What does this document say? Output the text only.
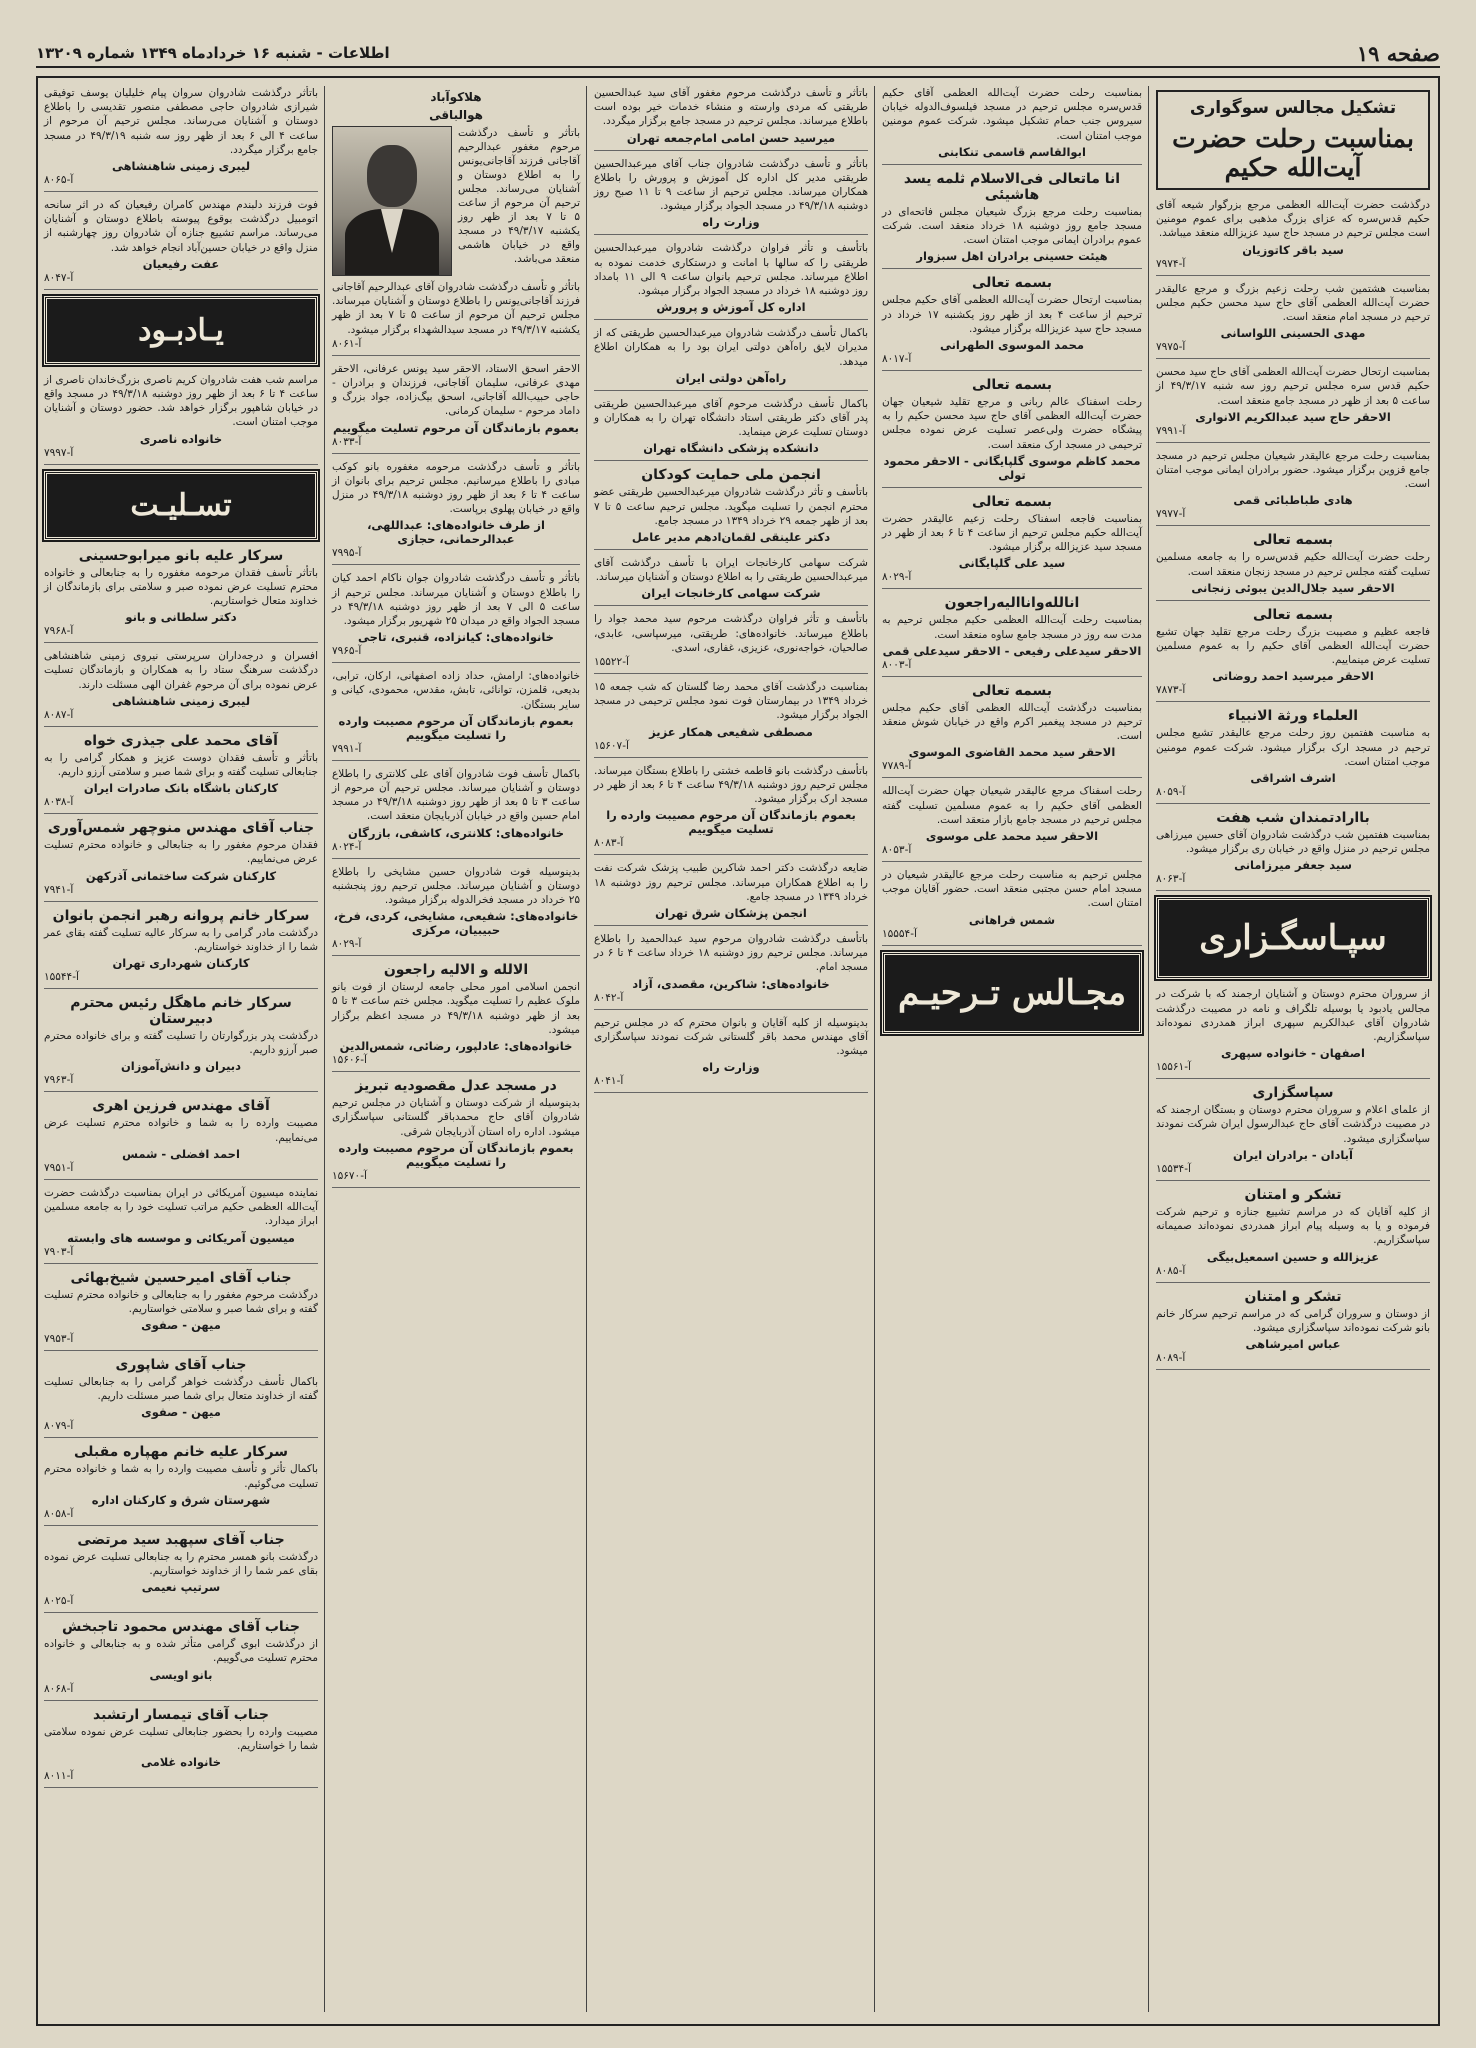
صفحه ۱۹
اطلاعات - شنبه ۱۶ خردادماه ۱۳۴۹ شماره ۱۳۲۰۹
تشکیل مجالس سوگواری
بمناسبت رحلت حضرت آیت‌الله حکیم
درگذشت حضرت آیت‌الله العظمی مرجع بزرگوار شیعه آقای حکیم قدس‌سره که عزای بزرگ مذهبی برای عموم مومنین است مجلس ترحیم در مسجد حاج سید عزیزالله منعقد میباشد.
سید باقر کاتوزیان
آ-۷۹۷۴
بمناسبت هشتمین شب رحلت زعیم بزرگ و مرجع عالیقدر حضرت آیت‌الله العظمی آقای حاج سید محسن حکیم مجلس ترحیم در مسجد امام منعقد است.
مهدی الحسینی اللواسانی
آ-۷۹۷۵
بمناسبت ارتحال حضرت آیت‌الله العظمی آقای حاج سید محسن حکیم قدس سره مجلس ترحیم روز سه شنبه ۴۹/۳/۱۷ از ساعت ۵ بعد از ظهر در مسجد جامع منعقد است.
الاحقر حاج سید عبدالکریم الانواری
آ-۷۹۹۱
بمناسبت رحلت مرجع عالیقدر شیعیان مجلس ترحیم در مسجد جامع قزوین برگزار میشود. حضور برادران ایمانی موجب امتنان است.
هادی طباطبائی قمی
آ-۷۹۷۷
بسمه تعالی
رحلت حضرت آیت‌الله حکیم قدس‌سره را به جامعه مسلمین تسلیت گفته مجلس ترحیم در مسجد زنجان منعقد است.
الاحقر سید جلال‌الدین یبوئی زنجانی
بسمه تعالی
فاجعه عظیم و مصیبت بزرگ رحلت مرجع تقلید جهان تشیع حضرت آیت‌الله العظمی آقای حکیم را به عموم مسلمین تسلیت عرض مینماییم.
الاحقر میرسید احمد روضاتی
آ-۷۸۷۳
العلماء ورثة الانبیاء
به مناسبت هفتمین روز رحلت مرجع عالیقدر تشیع مجلس ترحیم در مسجد ارک برگزار میشود. شرکت عموم مومنین موجب امتنان است.
اشرف اشراقی
آ-۸۰۵۹
باارادتمندان شب هفت
بمناسبت هفتمین شب درگذشت شادروان آقای حسین میرزاهی مجلس ترحیم در منزل واقع در خیابان ری برگزار میشود.
سید جعفر میرزامانی
آ-۸۰۶۳
سپـاسگـزاری
از سروران محترم دوستان و آشنایان ارجمند که با شرکت در مجالس یادبود یا بوسیله تلگراف و نامه در مصیبت درگذشت شادروان آقای عبدالکریم سپهری ابراز همدردی نموده‌اند سپاسگزاریم.
اصفهان - خانواده سپهری
آ-۱۵۵۶۱
سپاسگزاری
از علمای اعلام و سروران محترم دوستان و بستگان ارجمند که در مصیبت درگذشت آقای حاج عبدالرسول ایران شرکت نمودند سپاسگزاری میشود.
آبادان - برادران ایران
آ-۱۵۵۳۴
تشکر و امتنان
از کلیه آقایان که در مراسم تشییع جنازه و ترحیم شرکت فرموده و یا به وسیله پیام ابراز همدردی نموده‌اند صمیمانه سپاسگزاریم.
عزیزالله و حسین اسمعیل‌بیگی
آ-۸۰۸۵
تشکر و امتنان
از دوستان و سروران گرامی که در مراسم ترحیم سرکار خانم بانو شرکت نموده‌اند سپاسگزاری میشود.
عباس امیرشاهی
آ-۸۰۸۹
بمناسبت رحلت حضرت آیت‌الله العظمی آقای حکیم قدس‌سره مجلس ترحیم در مسجد فیلسوف‌الدوله خیابان سیروس جنب حمام تشکیل میشود. شرکت عموم مومنین موجب امتنان است.
ابوالقاسم قاسمی تنکابنی
انا ماتعالی فی‌الاسلام ثلمه یسد هاشیئی
بمناسبت رحلت مرجع بزرگ شیعیان مجلس فاتحه‌ای در مسجد جامع روز دوشنبه ۱۸ خرداد منعقد است. شرکت عموم برادران ایمانی موجب امتنان است.
هیئت حسینی برادران اهل سبزوار
بسمه تعالی
بمناسبت ارتحال حضرت آیت‌الله العظمی آقای حکیم مجلس ترحیم از ساعت ۴ بعد از ظهر روز یکشنبه ۱۷ خرداد در مسجد حاج سید عزیزالله برگزار میشود.
محمد الموسوی الطهرانی
آ-۸۰۱۷
بسمه تعالی
رحلت اسفناک عالم ربانی و مرجع تقلید شیعیان جهان حضرت آیت‌الله العظمی آقای حاج سید محسن حکیم را به پیشگاه حضرت ولی‌عصر تسلیت عرض نموده مجلس ترحیمی در مسجد ارک منعقد است.
محمد کاظم موسوی گلپایگانی - الاحقر محمود تولی
بسمه تعالی
بمناسبت فاجعه اسفناک رحلت زعیم عالیقدر حضرت آیت‌الله حکیم مجلس ترحیم از ساعت ۴ تا ۶ بعد از ظهر در مسجد سید عزیزالله برگزار میشود.
سید علی گلپایگانی
آ-۸۰۲۹
انا‌لله‌و‌انا‌الیه‌راجعون
بمناسبت رحلت آیت‌الله العظمی حکیم مجلس ترحیم به مدت سه روز در مسجد جامع ساوه منعقد است.
الاحقر سیدعلی رفیعی - الاحقر سیدعلی قمی
آ-۸۰۰۳
بسمه تعالی
بمناسبت درگذشت آیت‌الله العظمی آقای حکیم مجلس ترحیم در مسجد پیغمبر اکرم واقع در خیابان شوش منعقد است.
الاحقر سید محمد القاضوی الموسوی
آ-۷۷۸۹
رحلت اسفناک مرجع عالیقدر شیعیان جهان حضرت آیت‌الله العظمی آقای حکیم را به عموم مسلمین تسلیت گفته مجلس ترحیم در مسجد جامع بازار منعقد است.
الاحقر سید محمد علی موسوی
آ-۸۰۵۳
مجلس ترحیم به مناسبت رحلت مرجع عالیقدر شیعیان در مسجد امام حسن مجتبی منعقد است. حضور آقایان موجب امتنان است.
شمس فراهانی
آ-۱۵۵۵۴
مجـالس تـرحیـم
باتأثر و تأسف درگذشت مرحوم مغفور آقای سید عبدالحسین طریقتی که مردی وارسته و منشاء خدمات خیر بوده است باطلاع میرساند. مجلس ترحیم در مسجد جامع برگزار میگردد.
میرسید حسن امامی امام‌جمعه تهران
باتأثر و تأسف درگذشت شادروان جناب آقای میرعبدالحسین طریقتی مدیر کل اداره کل آموزش و پرورش را باطلاع همکاران میرساند. مجلس ترحیم از ساعت ۹ تا ۱۱ صبح روز دوشنبه ۴۹/۳/۱۸ در مسجد الجواد برگزار میشود.
وزارت راه
باتأسف و تأثر فراوان درگذشت شادروان میرعبدالحسین طریقتی را که سالها با امانت و درستکاری خدمت نموده به اطلاع میرساند. مجلس ترحیم بانوان ساعت ۹ الی ۱۱ بامداد روز دوشنبه ۱۸ خرداد در مسجد الجواد برگزار میشود.
اداره کل آموزش و پرورش
باکمال تأسف درگذشت شادروان میرعبدالحسین طریقتی که از مدیران لایق راه‌آهن دولتی ایران بود را به همکاران اطلاع میدهد.
راه‌آهن دولتی ایران
باکمال تأسف درگذشت مرحوم آقای میرعبدالحسین طریقتی پدر آقای دکتر طریقتی استاد دانشگاه تهران را به همکاران و دوستان تسلیت عرض مینماید.
دانشکده پزشکی دانشگاه تهران
انجمن ملی حمایت کودکان
باتأسف و تأثر درگذشت شادروان میرعبدالحسین طریقتی عضو محترم انجمن را تسلیت میگوید. مجلس ترحیم ساعت ۵ تا ۷ بعد از ظهر جمعه ۲۹ خرداد ۱۳۴۹ در مسجد جامع.
دکتر علینقی لقمان‌ادهم مدیر عامل
شرکت سهامی کارخانجات ایران با تأسف درگذشت آقای میرعبدالحسین طریقتی را به اطلاع دوستان و آشنایان میرساند.
شرکت سهامی کارخانجات ایران
باتأسف و تأثر فراوان درگذشت مرحوم سید محمد جواد را باطلاع میرساند. خانواده‌های: طریقتی، میرسپاسی، عابدی، صالحیان، خواجه‌نوری، عزیزی، غفاری، اسدی.
آ-۱۵۵۲۲
بمناسبت درگذشت آقای محمد رضا گلستان که شب جمعه ۱۵ خرداد ۱۳۴۹ در بیمارستان فوت نمود مجلس ترحیمی در مسجد الجواد برگزار میشود.
مصطفی شفیعی همکار عزیز
آ-۱۵۶۰۷
باتأسف درگذشت بانو قاطمه خشتی را باطلاع بستگان میرساند. مجلس ترحیم روز دوشنبه ۴۹/۳/۱۸ ساعت ۴ تا ۶ بعد از ظهر در مسجد ارک برگزار میشود.
بعموم بازماندگان آن مرحوم مصیبت وارده را تسلیت میگوییم
آ-۸۰۸۳
ضایعه درگذشت دکتر احمد شاکرین طبیب پزشک شرکت نفت را به اطلاع همکاران میرساند. مجلس ترحیم روز دوشنبه ۱۸ خرداد ۱۳۴۹ در مسجد جامع.
انجمن پزشکان شرق تهران
باتأسف درگذشت شادروان مرحوم سید عبدالحمید را باطلاع میرساند. مجلس ترحیم روز دوشنبه ۱۸ خرداد ساعت ۴ تا ۶ در مسجد امام.
خانواده‌های: شاکرین، مقصدی، آزاد
آ-۸۰۴۲
بدینوسیله از کلیه آقایان و بانوان محترم که در مجلس ترحیم آقای مهندس محمد باقر گلستانی شرکت نمودند سپاسگزاری میشود.
وزارت راه
آ-۸۰۴۱
هلاکوآباد
هوالباقی
باتأثر و تأسف درگذشت مرحوم مغفور عبدالرحیم آقاجانی فرزند آقاجانی‌یونس را به اطلاع دوستان و آشنایان می‌رساند. مجلس ترحیم آن مرحوم از ساعت ۵ تا ۷ بعد از ظهر روز یکشنبه ۴۹/۳/۱۷ در مسجد واقع در خیابان هاشمی منعقد می‌باشد.
باتأثر و تأسف درگذشت شادروان آقای عبدالرحیم آقاجانی فرزند آقاجانی‌یونس را باطلاع دوستان و آشنایان میرساند. مجلس ترحیم آن مرحوم از ساعت ۵ تا ۷ بعد از ظهر یکشنبه ۴۹/۳/۱۷ در مسجد سیدالشهداء برگزار میشود.
آ-۸۰۶۱
الاحقر اسحق الاستاد، الاحقر سید یونس عرفانی، الاحقر مهدی عرفانی، سلیمان آقاجانی، فرزندان و برادران - حاجی حبیب‌الله آقاجانی، اسحق بیگ‌زاده، جواد بزرگ و داماد مرحوم - سلیمان کرمانی.
بعموم بازماندگان آن مرحوم تسلیت میگوییم
آ-۸۰۳۳
باتأثر و تأسف درگذشت مرحومه مغفوره بانو کوکب مبادی را باطلاع میرسانیم. مجلس ترحیم برای بانوان از ساعت ۴ تا ۶ بعد از ظهر روز دوشنبه ۴۹/۳/۱۸ در منزل واقع در خیابان پهلوی برپاست.
از طرف خانواده‌های: عبداللهی، عبدالرحمانی، حجازی
آ-۷۹۹۵
باتأثر و تأسف درگذشت شادروان جوان ناکام احمد کیان را باطلاع دوستان و آشنایان میرساند. مجلس ترحیم از ساعت ۵ الی ۷ بعد از ظهر روز دوشنبه ۴۹/۳/۱۸ در مسجد الجواد واقع در میدان ۲۵ شهریور برگزار میشود.
خانواده‌های: کیانزاده، قنبری، تاجی
آ-۷۹۶۵
خانواده‌های: ارامش، حداد زاده اصفهانی، ارکان، ترابی، بدیعی، قلمزن، توانائی، تابش، مقدس، محمودی، کیانی و سایر بستگان.
بعموم بازماندگان آن مرحوم مصیبت وارده را تسلیت میگوییم
آ-۷۹۹۱
باکمال تأسف فوت شادروان آقای علی کلانتری را باطلاع دوستان و آشنایان میرساند. مجلس ترحیم آن مرحوم از ساعت ۳ تا ۵ بعد از ظهر روز دوشنبه ۴۹/۳/۱۸ در مسجد امام حسین واقع در خیابان آذربایجان منعقد است.
خانواده‌های: کلانتری، کاشفی، بازرگان
آ-۸۰۲۴
بدینوسیله فوت شادروان حسین مشایخی را باطلاع دوستان و آشنایان میرساند. مجلس ترحیم روز پنجشنبه ۲۵ خرداد در مسجد فخرالدوله برگزار میشود.
خانواده‌های: شفیعی، مشایخی، کردی، فرخ، حبیبیان، مرکزی
آ-۸۰۲۹
الالله و الالیه راجعون
انجمن اسلامی امور محلی جامعه لرستان از فوت بانو ملوک عظیم را تسلیت میگوید. مجلس ختم ساعت ۳ تا ۵ بعد از ظهر دوشنبه ۴۹/۳/۱۸ در مسجد اعظم برگزار میشود.
خانواده‌های: عادلپور، رضائی، شمس‌الدین
آ-۱۵۶۰۶
در مسجد عدل مقصودیه تبریز
بدینوسیله از شرکت دوستان و آشنایان در مجلس ترحیم شادروان آقای حاج محمدباقر گلستانی سپاسگزاری میشود. اداره راه استان آذربایجان شرقی.
بعموم بازماندگان آن مرحوم مصیبت وارده را تسلیت میگوییم
آ-۱۵۶۷۰
باتأثر درگذشت شادروان سروان پیام خلیلیان یوسف توفیقی شیرازی شادروان حاجی مصطفی منصور تقدیسی را باطلاع دوستان و آشنایان می‌رساند. مجلس ترحیم آن مرحوم از ساعت ۴ الی ۶ بعد از ظهر روز سه شنبه ۴۹/۳/۱۹ در مسجد جامع برگزار میگردد.
لیبری زمینی شاهنشاهی
آ-۸۰۶۵
فوت فرزند دلبندم مهندس کامران رفیعیان که در اثر سانحه اتومبیل درگذشت بوقوع پیوسته باطلاع دوستان و آشنایان می‌رساند. مراسم تشییع جنازه آن شادروان روز چهارشنبه از منزل واقع در خیابان حسین‌آباد انجام خواهد شد.
عفت رفیعیان
آ-۸۰۴۷
یـادبـود
مراسم شب هفت شادروان کریم ناصری بزرگ‌خاندان ناصری از ساعت ۴ تا ۶ بعد از ظهر روز دوشنبه ۴۹/۳/۱۸ در مسجد واقع در خیابان شاهپور برگزار خواهد شد. حضور دوستان و آشنایان موجب امتنان است.
خانواده ناصری
آ-۷۹۹۷
تسـلیـت
سرکار علیه بانو میرابوحسینی
باتأثر تأسف فقدان مرحومه مغفوره را به جنابعالی و خانواده محترم تسلیت عرض نموده صبر و سلامتی برای بازماندگان از خداوند متعال خواستاریم.
دکتر سلطانی و بانو
آ-۷۹۶۸
افسران و درجه‌داران سرپرستی نیروی زمینی شاهنشاهی درگذشت سرهنگ ستاد را به همکاران و بازماندگان تسلیت عرض نموده برای آن مرحوم غفران الهی مسئلت دارند.
لیبری زمینی شاهنشاهی
آ-۸۰۸۷
آقای محمد علی جیذری خواه
باتأثر و تأسف فقدان دوست عزیز و همکار گرامی را به جنابعالی تسلیت گفته و برای شما صبر و سلامتی آرزو داریم.
کارکنان باشگاه بانک صادرات ایران
آ-۸۰۳۸
جناب آقای مهندس منوچهر شمس‌آوری
فقدان مرحوم مغفور را به جنابعالی و خانواده محترم تسلیت عرض می‌نماییم.
کارکنان شرکت ساختمانی آذرکهن
آ-۷۹۴۱
سرکار خانم پروانه رهبر انجمن بانوان
درگذشت مادر گرامی را به سرکار عالیه تسلیت گفته بقای عمر شما را از خداوند خواستاریم.
کارکنان شهرداری تهران
آ-۱۵۵۴۴
سرکار خانم ماهگل رئیس محترم دبیرستان
درگذشت پدر بزرگوارتان را تسلیت گفته و برای خانواده محترم صبر آرزو داریم.
دبیران و دانش‌آموزان
آ-۷۹۶۳
آقای مهندس فرزین اهری
مصیبت وارده را به شما و خانواده محترم تسلیت عرض می‌نماییم.
احمد افضلی - شمس
آ-۷۹۵۱
نماینده میسیون آمریکائی در ایران بمناسبت درگذشت حضرت آیت‌الله العظمی حکیم مراتب تسلیت خود را به جامعه مسلمین ابراز میدارد.
میسیون آمریکائی و موسسه های وابسته
آ-۷۹۰۳
جناب آقای امیرحسین شیخ‌بهائی
درگذشت مرحوم مغفور را به جنابعالی و خانواده محترم تسلیت گفته و برای شما صبر و سلامتی خواستاریم.
میهن - صفوی
آ-۷۹۵۳
جناب آقای شاپوری
باکمال تأسف درگذشت خواهر گرامی را به جنابعالی تسلیت گفته از خداوند متعال برای شما صبر مسئلت داریم.
میهن - صفوی
آ-۸۰۷۹
سرکار علیه خانم مهپاره مقبلی
باکمال تأثر و تأسف مصیبت وارده را به شما و خانواده محترم تسلیت می‌گوئیم.
شهرستان شرق و کارکنان اداره
آ-۸۰۵۸
جناب آقای سپهبد سید مرتضی
درگذشت بانو همسر محترم را به جنابعالی تسلیت عرض نموده بقای عمر شما را از خداوند خواستاریم.
سرتیپ نعیمی
آ-۸۰۲۵
جناب آقای مهندس محمود تاجبخش
از درگذشت ابوی گرامی متأثر شده و به جنابعالی و خانواده محترم تسلیت می‌گوییم.
بانو اویسی
آ-۸۰۶۸
جناب آقای تیمسار ارتشبد
مصیبت وارده را بحضور جنابعالی تسلیت عرض نموده سلامتی شما را خواستاریم.
خانواده غلامی
آ-۸۰۱۱
